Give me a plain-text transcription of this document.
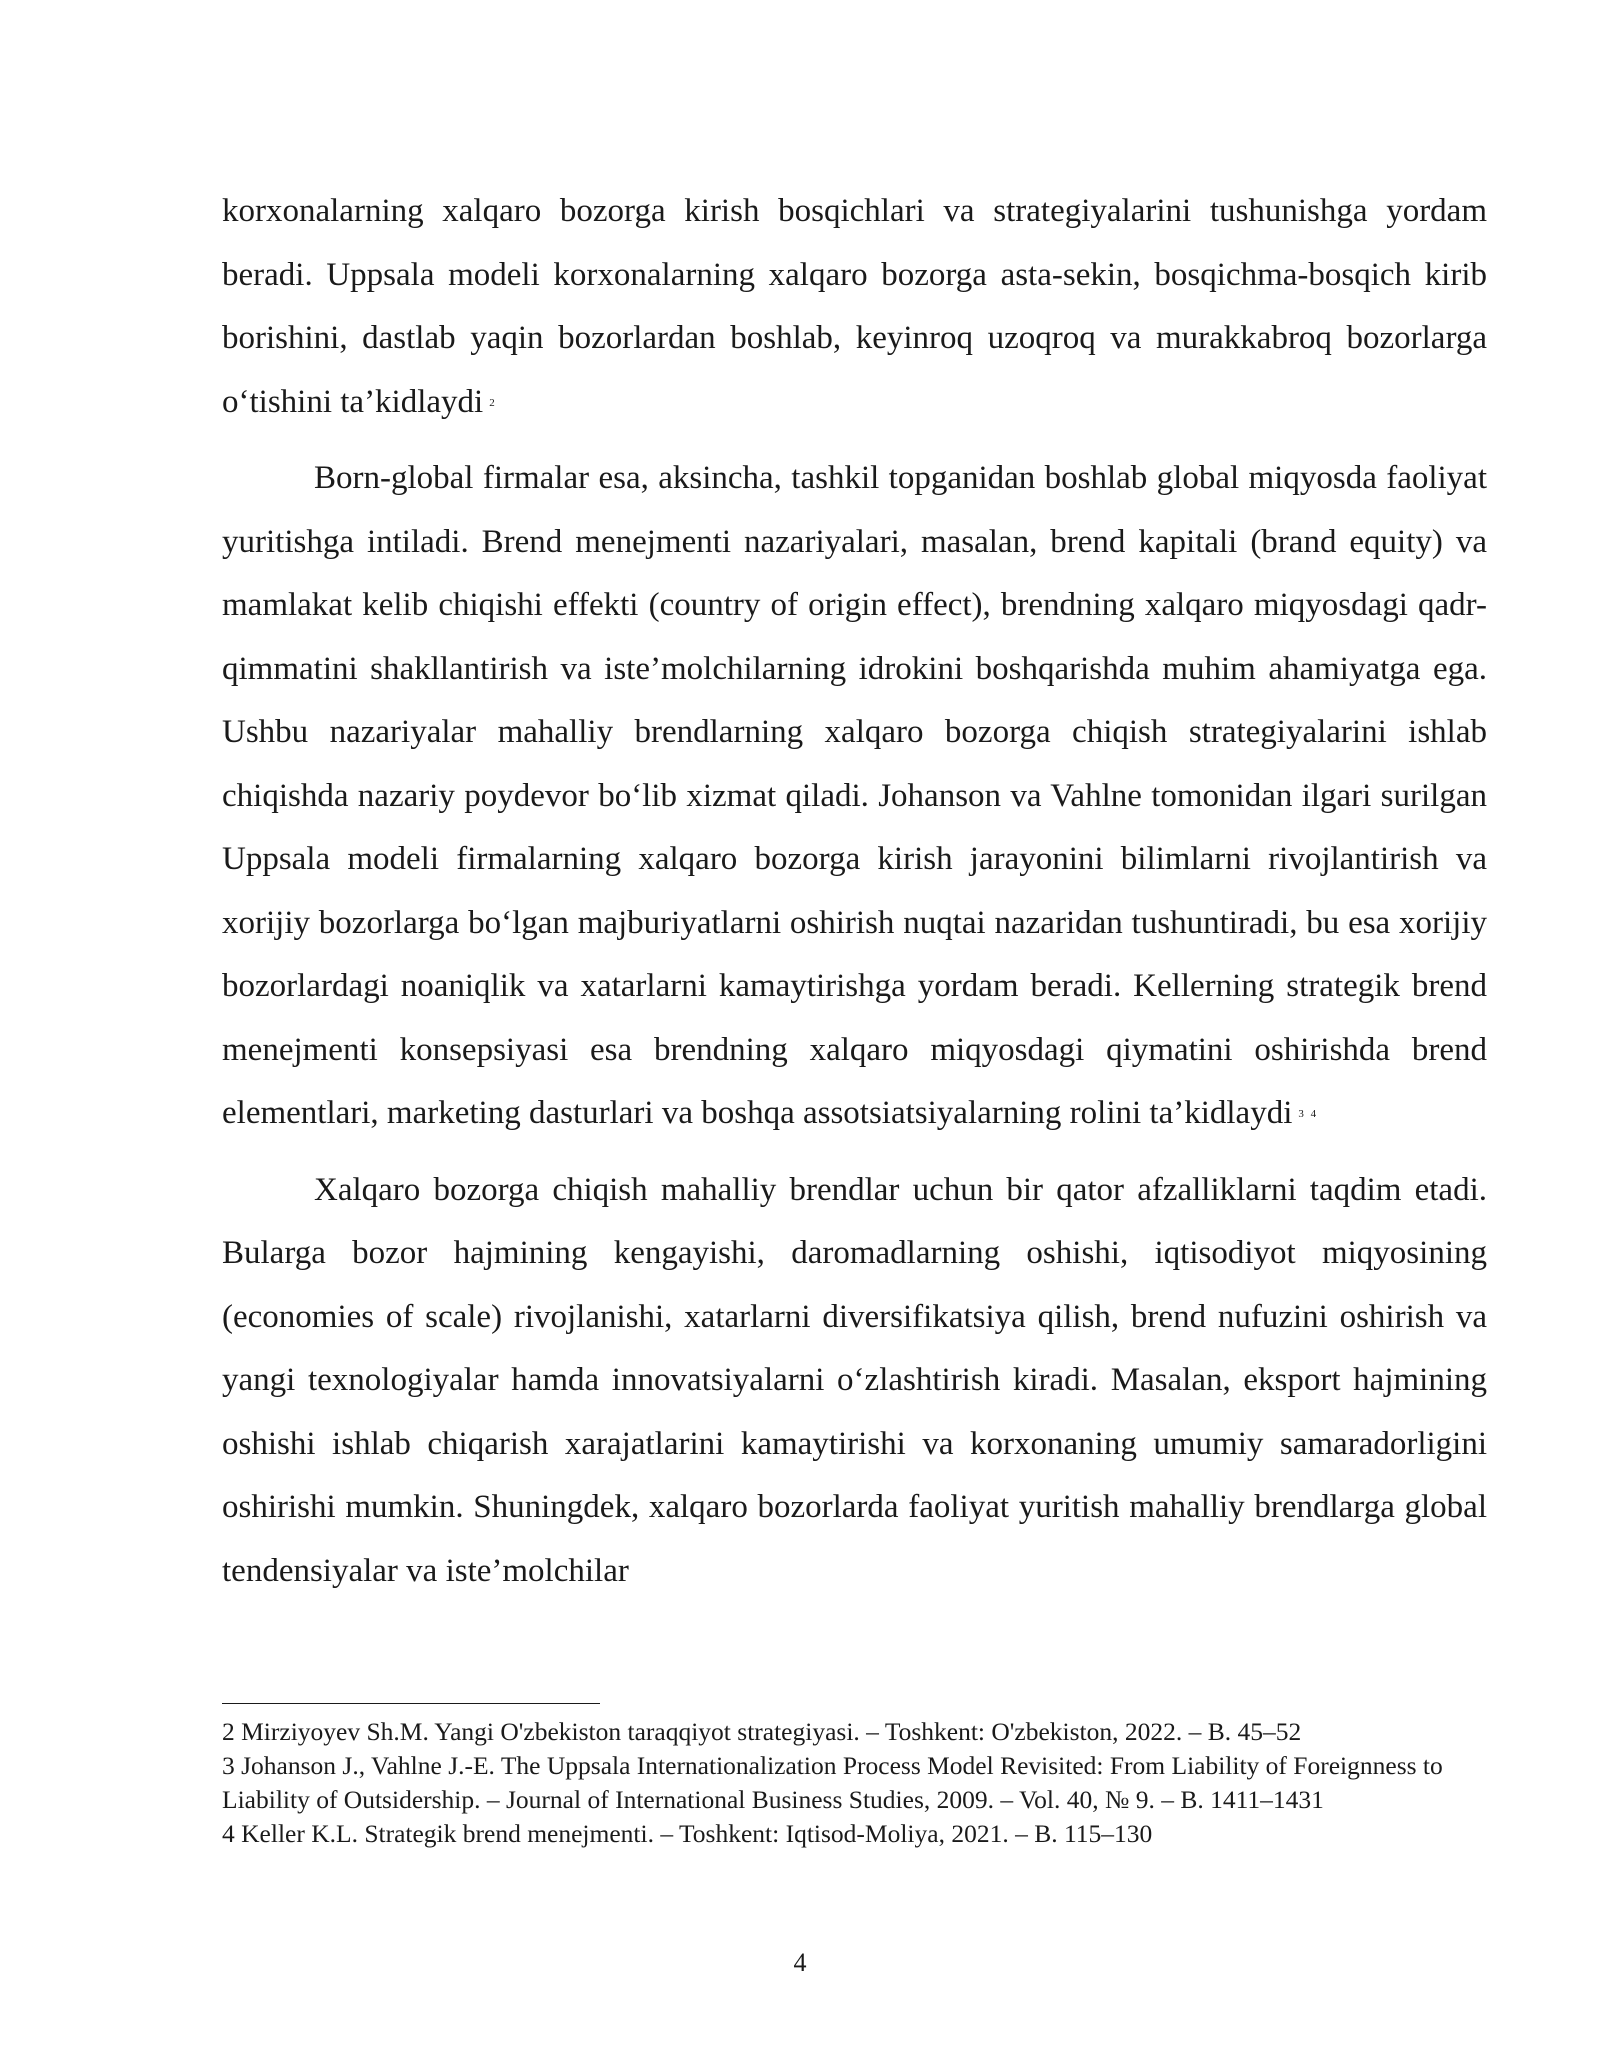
korxonalarning xalqaro bozorga kirish bosqichlari va strategiyalarini tushunishga yordam beradi. Uppsala modeli korxonalarning xalqaro bozorga asta-sekin, bosqichma-bosqich kirib borishini, dastlab yaqin bozorlardan boshlab, keyinroq uzoqroq va murakkabroq bozorlarga o‘tishini ta’kidlaydi $^2$

Born-global firmalar esa, aksincha, tashkil topganidan boshlab global miqyosda faoliyat yuritishga intiladi. Brend menejmenti nazariyalari, masalan, brend kapitali (brand equity) va mamlakat kelib chiqishi effekti (country of origin effect), brendning xalqaro miqyosdagi qadr-qimmatini shakllantirish va iste’molchilarning idrokini boshqarishda muhim ahamiyatga ega. Ushbu nazariyalar mahalliy brendlarning xalqaro bozorga chiqish strategiyalarini ishlab chiqishda nazariy poydevor bo‘lib xizmat qiladi. Johanson va Vahlne tomonidan ilgari surilgan Uppsala modeli firmalarning xalqaro bozorga kirish jarayonini bilimlarni rivojlantirish va xorijiy bozorlarga bo‘lgan majburiyatlarni oshirish nuqtai nazaridan tushuntiradi, bu esa xorijiy bozorlardagi noaniqlik va xatarlarni kamaytirishga yordam beradi. Kellerning strategik brend menejmenti konsepsiyasi esa brendning xalqaro miqyosdagi qiymatini oshirishda brend elementlari, marketing dasturlari va boshqa assotsiatsiyalarning rolini ta’kidlaydi $^{3 4}$

Xalqaro bozorga chiqish mahalliy brendlar uchun bir qator afzalliklarni taqdim etadi. Bularga bozor hajmining kengayishi, daromadlarning oshishi, iqtisodiyot miqyosining (economies of scale) rivojlanishi, xatarlarni diversifikatsiya qilish, brend nufuzini oshirish va yangi texnologiyalar hamda innovatsiyalarni o‘zlashtirish kiradi. Masalan, eksport hajmining oshishi ishlab chiqarish xarajatlarini kamaytirishi va korxonaning umumiy samaradorligini oshirishi mumkin. Shuningdek, xalqaro bozorlarda faoliyat yuritish mahalliy brendlarga global tendensiyalar va iste’molchilar

2 Mirziyoyev Sh.M. Yangi O'zbekiston taraqqiyot strategiyasi. – Toshkent: O'zbekiston, 2022. – B. 45–52

3 Johanson J., Vahlne J.-E. The Uppsala Internationalization Process Model Revisited: From Liability of Foreignness to Liability of Outsidership. – Journal of International Business Studies, 2009. – Vol. 40, № 9. – B. 1411–1431

4 Keller K.L. Strategik brend menejmenti. – Toshkent: Iqtisod-Moliya, 2021. – B. 115–130

4
